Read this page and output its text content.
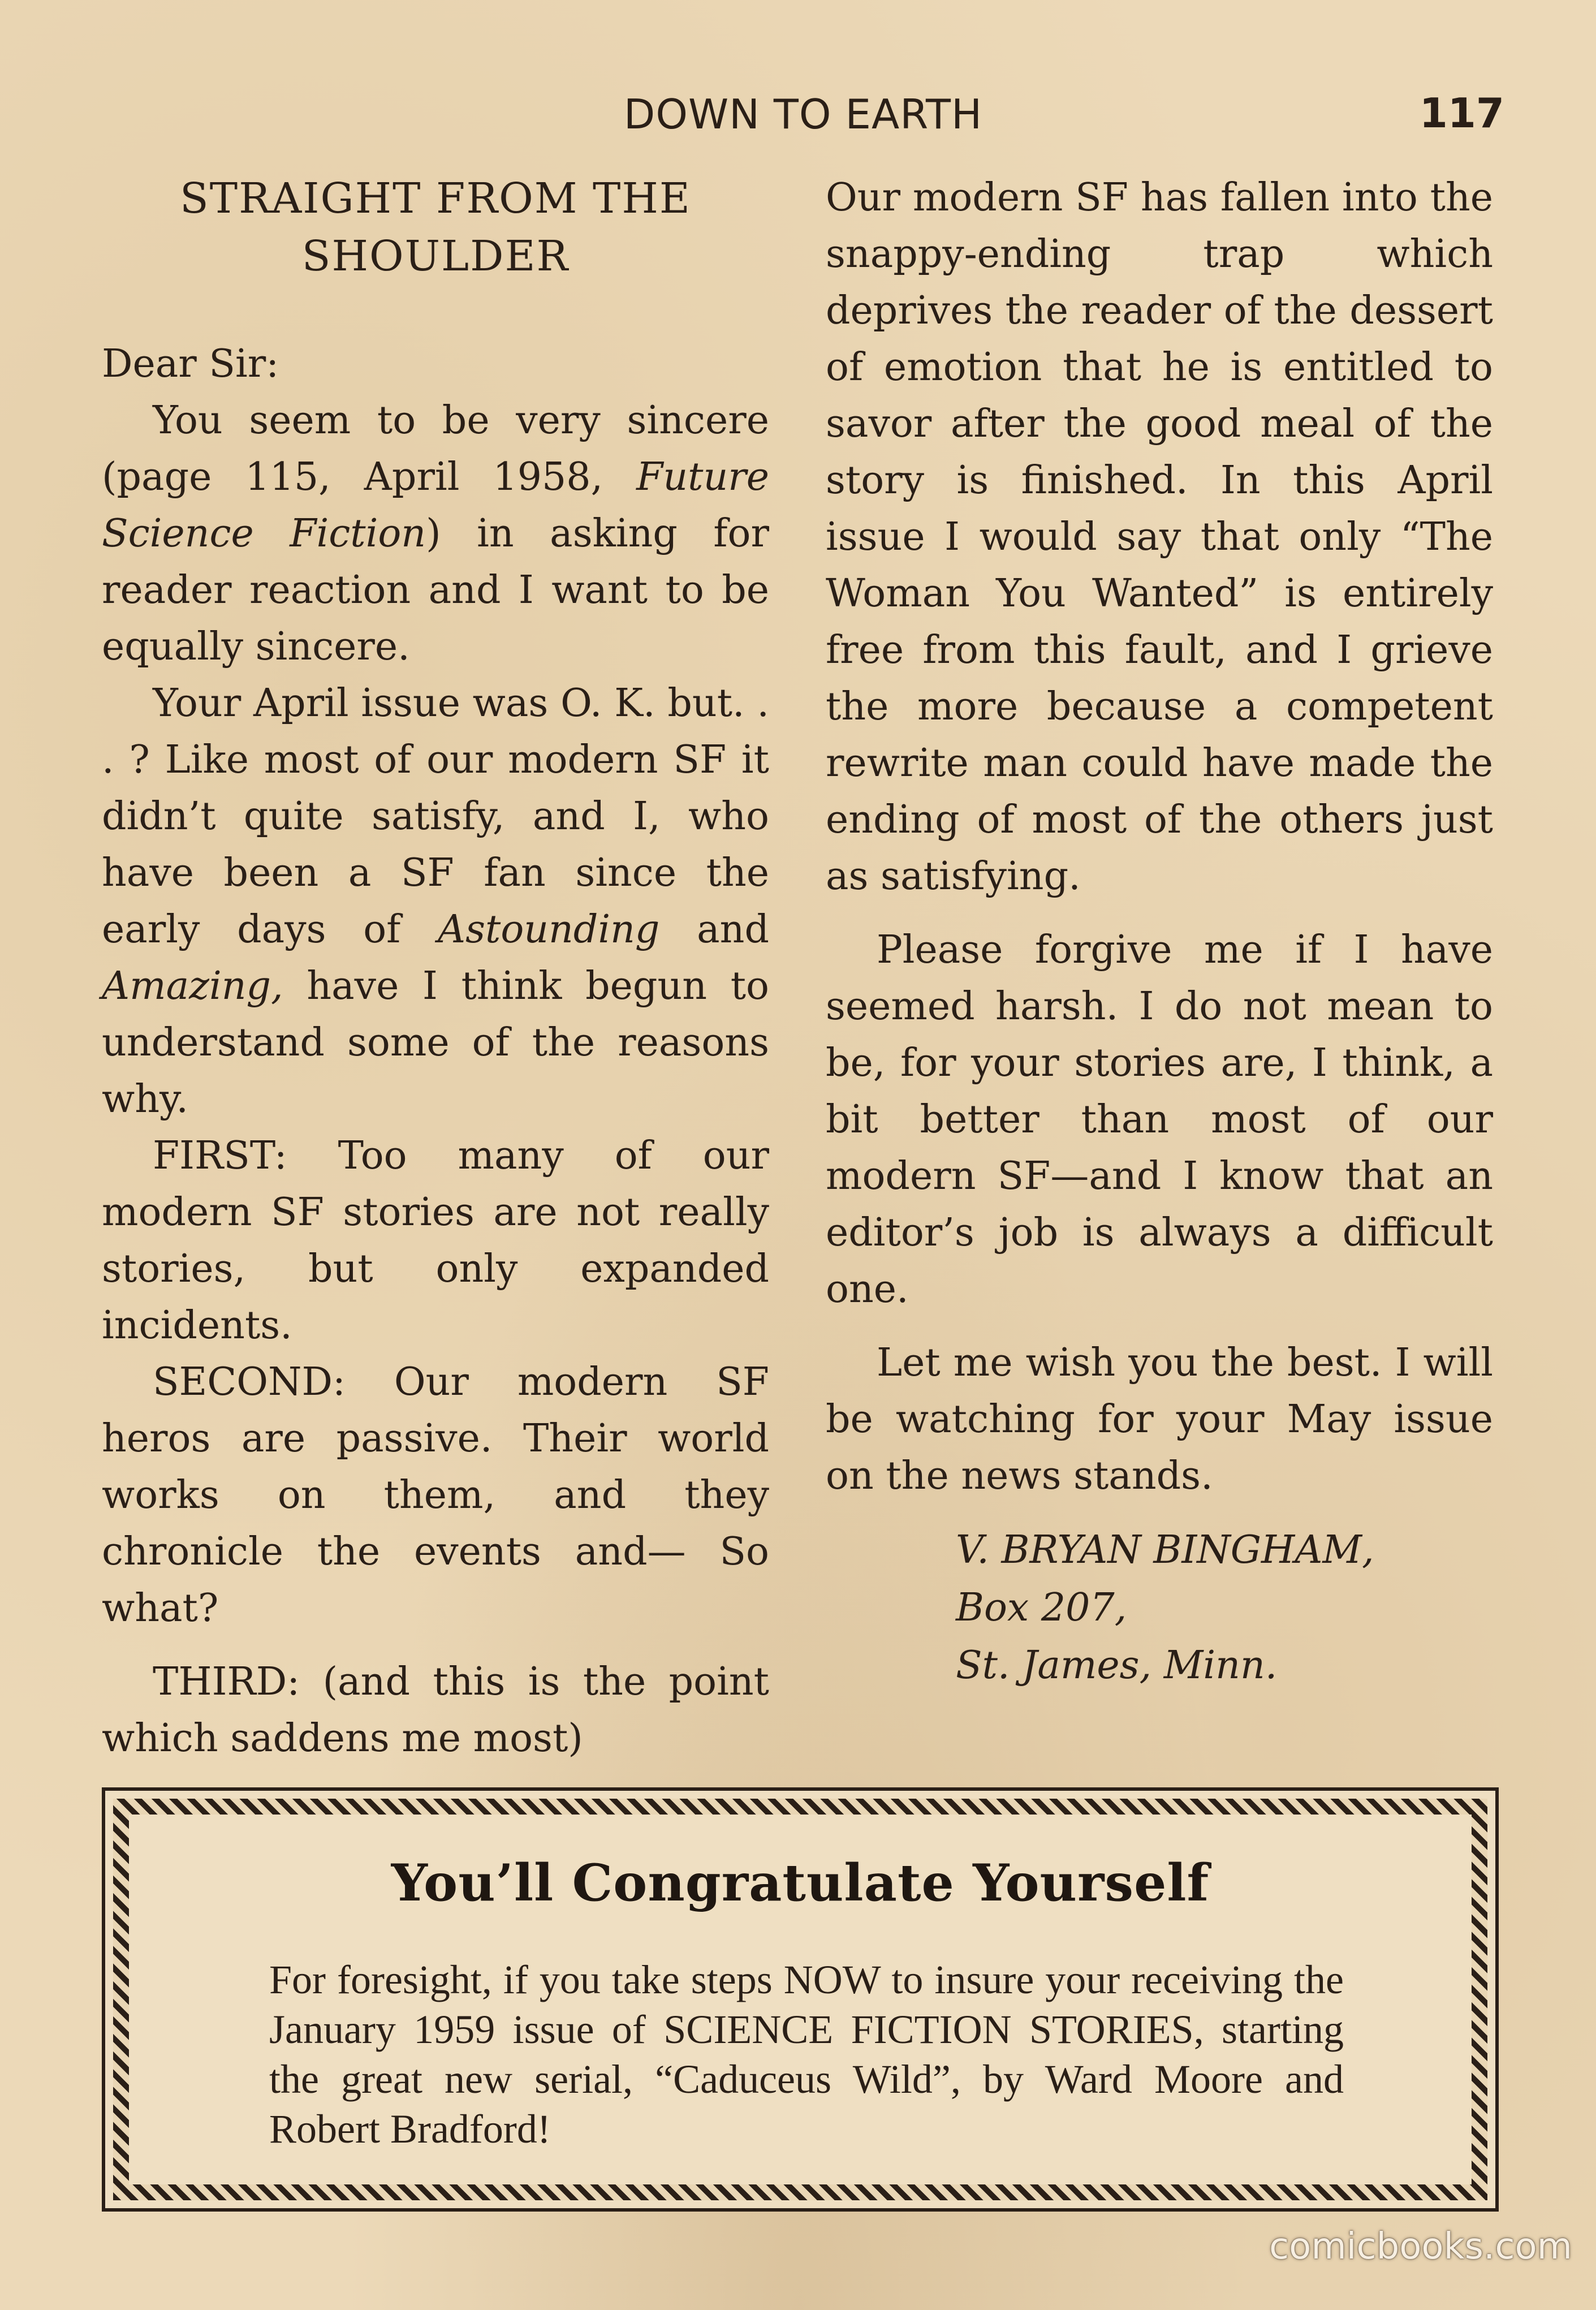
DOWN TO EARTH	117
STRAIGHT FROM THE
SHOULDER

Dear Sir:

You seem to be very sincere (page 115, April 1958, Future Science Fiction) in asking for reader reaction and I want to be equally sincere.

Your April issue was O. K. but. . . ? Like most of our modern SF it didn’t quite satisfy, and I, who have been a SF fan since the early days of Astounding and Amazing, have I think begun to understand some of the reasons why.

FIRST: Too many of our modern SF stories are not really stories, but only expanded incidents.

SECOND: Our modern SF heros are passive. Their world works on them, and they chronicle the events and— So what?

THIRD: (and this is the point which saddens me most)

Our modern SF has fallen into the snappy-ending trap which deprives the reader of the dessert of emotion that he is entitled to savor after the good meal of the story is finished. In this April issue I would say that only “The Woman You Wanted” is entirely free from this fault, and I grieve the more because a competent rewrite man could have made the ending of most of the others just as satisfying.

Please forgive me if I have seemed harsh. I do not mean to be, for your stories are, I think, a bit better than most of our modern SF—and I know that an editor’s job is always a difficult one.

Let me wish you the best. I will be watching for your May issue on the news stands.

V. BRYAN BINGHAM,
Box 207,
St. James, Minn.
You’ll Congratulate Yourself
For foresight, if you take steps NOW to insure your receiving the January 1959 issue of SCIENCE FICTION STORIES, starting the great new serial, “Caduceus Wild”, by Ward Moore and Robert Bradford!
comicbooks.com
